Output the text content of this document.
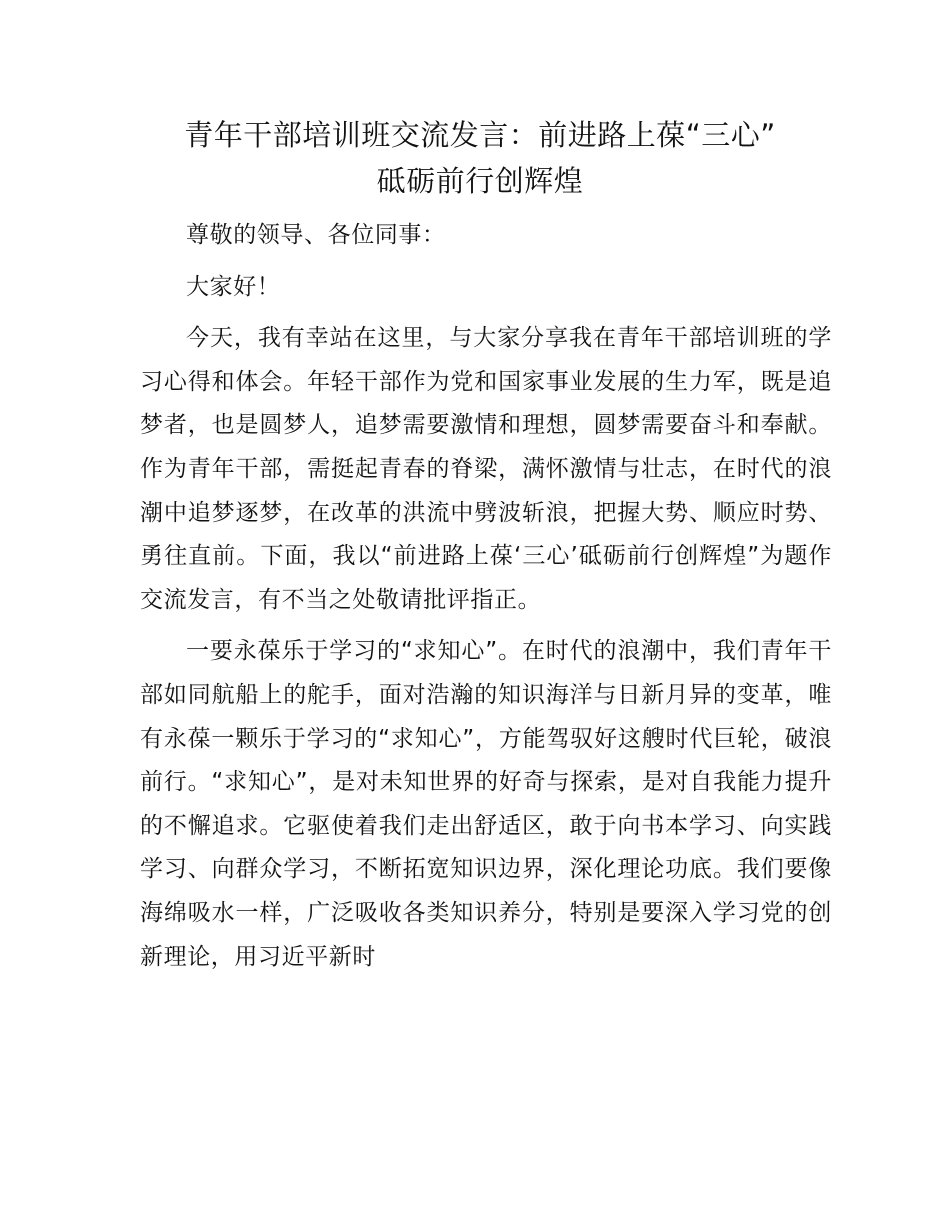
青年干部培训班交流发言：前进路上葆“三心”
砥砺前行创辉煌

尊敬的领导、各位同事：

大家好！

今天，我有幸站在这里，与大家分享我在青年干部培训班的学习心得和体会。年轻干部作为党和国家事业发展的生力军，既是追梦者，也是圆梦人，追梦需要激情和理想，圆梦需要奋斗和奉献。作为青年干部，需挺起青春的脊梁，满怀激情与壮志，在时代的浪潮中追梦逐梦，在改革的洪流中劈波斩浪，把握大势、顺应时势、勇往直前。下面，我以“前进路上葆‘三心’砥砺前行创辉煌”为题作交流发言，有不当之处敬请批评指正。

一要永葆乐于学习的“求知心”。在时代的浪潮中，我们青年干部如同航船上的舵手，面对浩瀚的知识海洋与日新月异的变革，唯有永葆一颗乐于学习的“求知心”，方能驾驭好这艘时代巨轮，破浪前行。“求知心”，是对未知世界的好奇与探索，是对自我能力提升的不懈追求。它驱使着我们走出舒适区，敢于向书本学习、向实践学习、向群众学习，不断拓宽知识边界，深化理论功底。我们要像海绵吸水一样，广泛吸收各类知识养分，特别是要深入学习党的创新理论，用习近平新时
